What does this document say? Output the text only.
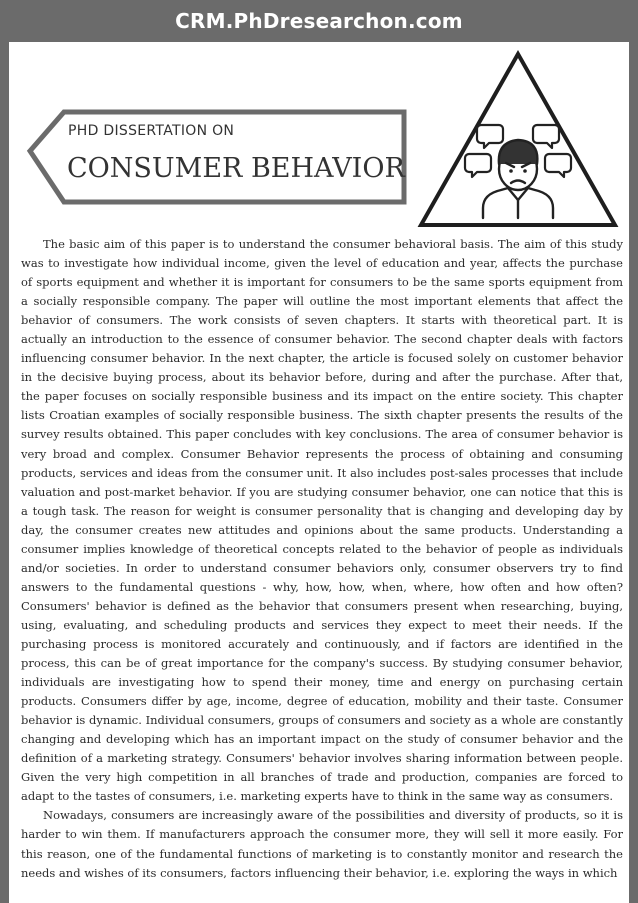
CRM.PhDresearchon.com
PHD DISSERTATION ON
CONSUMER BEHAVIOR

The basic aim of this paper is to understand the consumer behavioral basis. The aim of this study was to investigate how individual income, given the level of education and year, affects the purchase of sports equipment and whether it is important for consumers to be the same sports equipment from a socially responsible company. The paper will outline the most important elements that affect the behavior of consumers. The work consists of seven chapters. It starts with theoretical part. It is actually an introduction to the essence of consumer behavior. The second chapter deals with factors influencing consumer behavior. In the next chapter, the article is focused solely on customer behavior in the decisive buying process, about its behavior before, during and after the purchase. After that, the paper focuses on socially responsible business and its impact on the entire society. This chapter lists Croatian examples of socially responsible business. The sixth chapter presents the results of the survey results obtained. This paper concludes with key conclusions. The area of consumer behavior is very broad and complex. Consumer Behavior represents the process of obtaining and consuming products, services and ideas from the consumer unit. It also includes post-sales processes that include valuation and post-market behavior. If you are studying consumer behavior, one can notice that this is a tough task. The reason for weight is consumer personality that is changing and developing day by day, the consumer creates new attitudes and opinions about the same products. Understanding a consumer implies knowledge of theoretical concepts related to the behavior of people as individuals and/or societies. In order to understand consumer behaviors only, consumer observers try to find answers to the fundamental questions - why, how, how, when, where, how often and how often? Consumers' behavior is defined as the behavior that consumers present when researching, buying, using, evaluating, and scheduling products and services they expect to meet their needs. If the purchasing process is monitored accurately and continuously, and if factors are identified in the process, this can be of great importance for the company's success. By studying consumer behavior, individuals are investigating how to spend their money, time and energy on purchasing certain products. Consumers differ by age, income, degree of education, mobility and their taste. Consumer behavior is dynamic. Individual consumers, groups of consumers and society as a whole are constantly changing and developing which has an important impact on the study of consumer behavior and the definition of a marketing strategy. Consumers' behavior involves sharing information between people. Given the very high competition in all branches of trade and production, companies are forced to adapt to the tastes of consumers, i.e. marketing experts have to think in the same way as consumers.

Nowadays, consumers are increasingly aware of the possibilities and diversity of products, so it is harder to win them. If manufacturers approach the consumer more, they will sell it more easily. For this reason, one of the fundamental functions of marketing is to constantly monitor and research the needs and wishes of its consumers, factors influencing their behavior, i.e. exploring the ways in which
